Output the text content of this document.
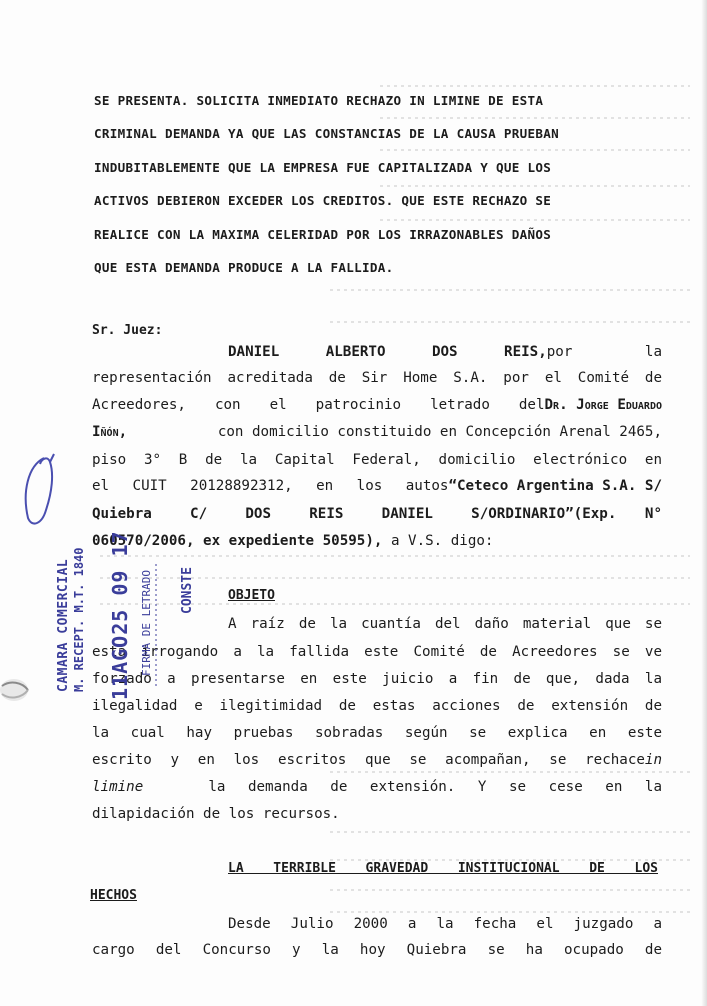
SE PRESENTA. SOLICITA INMEDIATO RECHAZO IN LIMINE DE ESTA
CRIMINAL DEMANDA YA QUE LAS CONSTANCIAS DE LA CAUSA PRUEBAN
INDUBITABLEMENTE QUE LA EMPRESA FUE CAPITALIZADA Y QUE LOS
ACTIVOS DEBIERON EXCEDER LOS CREDITOS. QUE ESTE RECHAZO SE
REALICE CON LA MAXIMA CELERIDAD POR LOS IRRAZONABLES DAÑOS
QUE ESTA DEMANDA PRODUCE A LA FALLIDA.
Sr. Juez:
DANIEL ALBERTO DOS REIS, por la
representación acreditada de Sir Home S.A. por el Comité de
Acreedores, con el patrocinio letrado del Dr. Jorge Eduardo
Iñón,	con domicilio constituido en Concepción Arenal 2465,
piso 3° B de la Capital Federal, domicilio electrónico en
el CUIT 20128892312, en los autos “Ceteco Argentina S.A. S/
Quiebra C/ DOS REIS DANIEL S/ORDINARIO” (Exp. N°
060570/2006, ex expediente 50595), a V.S. digo:
OBJETO
A raíz de la cuantía del daño material que se
está irrogando a la fallida este Comité de Acreedores se ve
forzado a presentarse en este juicio a fin de que, dada la
ilegalidad e ilegitimidad de estas acciones de extensión de
la cual hay pruebas sobradas según se explica en este
escrito y en los escritos que se acompañan, se rechace in
limine	la demanda de extensión. Y se cese en la
dilapidación de los recursos.
LA TERRIBLE GRAVEDAD INSTITUCIONAL DE LOS
HECHOS
Desde Julio 2000 a la fecha el juzgado a
cargo del Concurso y la hoy Quiebra se ha ocupado de
CAMARA COMERCIAL M. RECEPT. M.T. 1840 11AGO25 09 17 FIRMA DE LETRADO CONSTE
